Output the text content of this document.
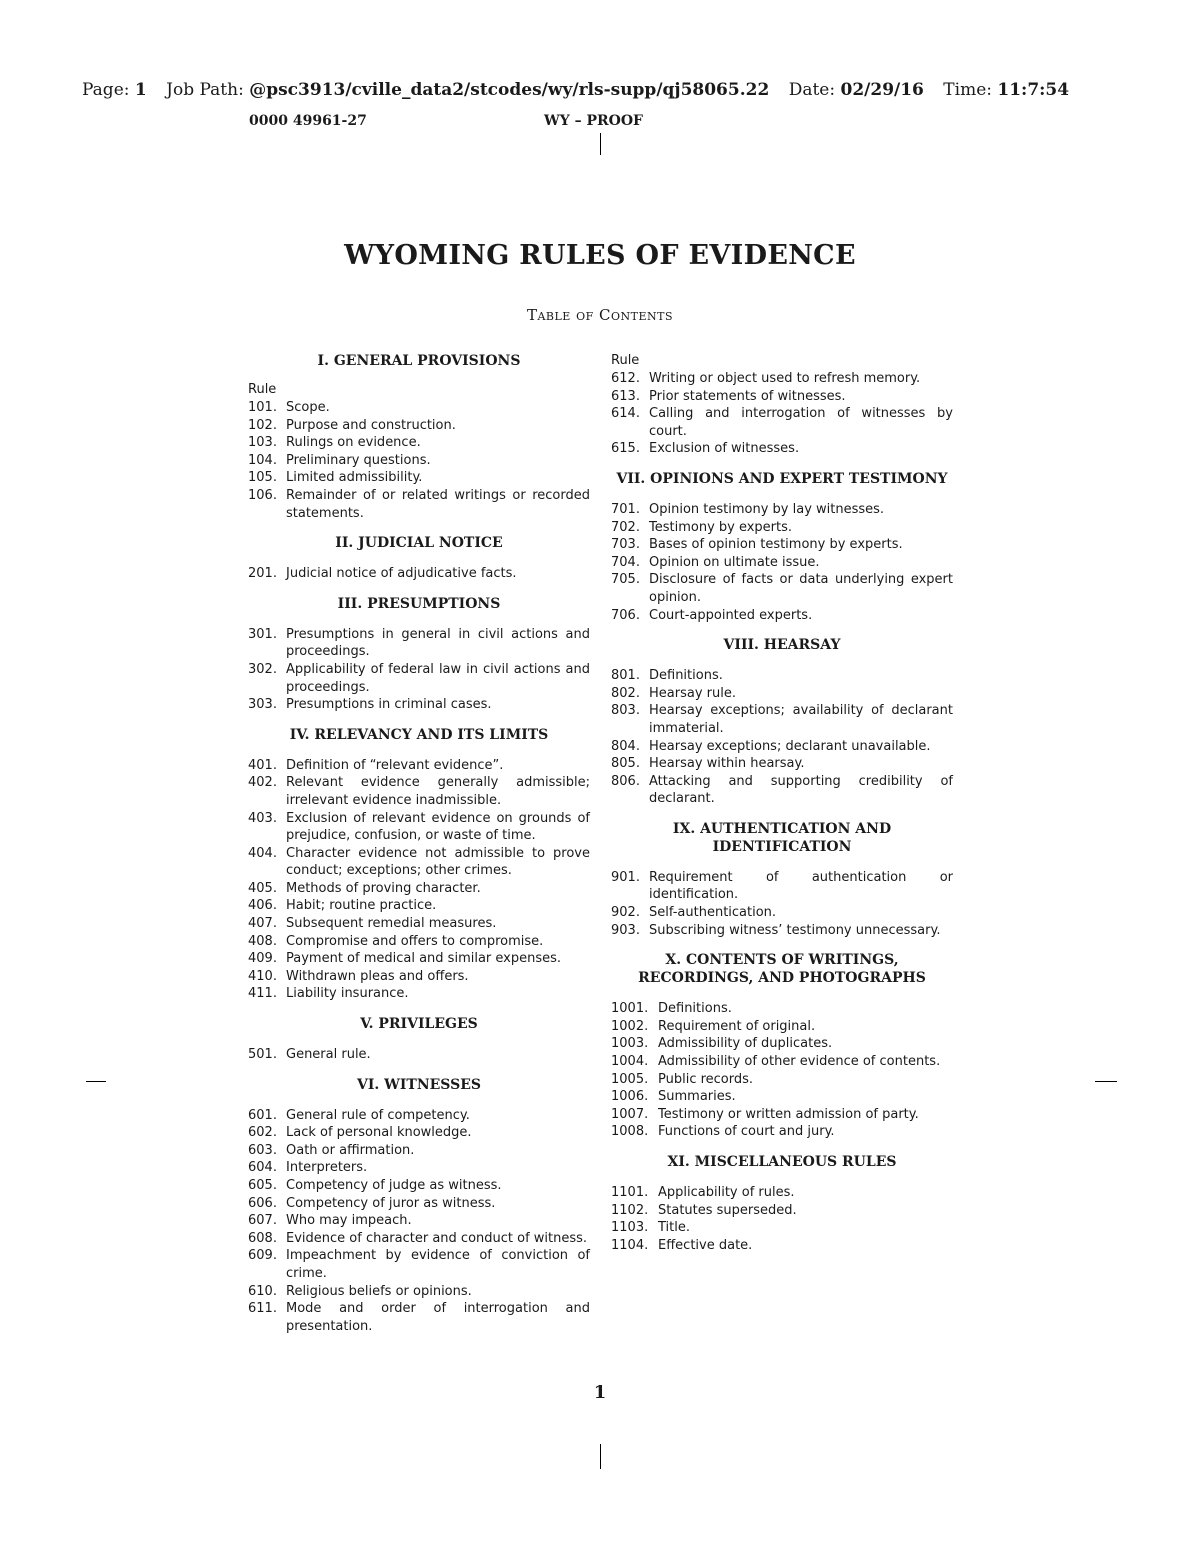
Page: 1 Job Path: @psc3913/cville_data2/stcodes/wy/rls-supp/qj58065.22 Date: 02/29/16 Time: 11:7:54
0000 49961-27	WY – PROOF
WYOMING RULES OF EVIDENCE
Table of Contents
I. GENERAL PROVISIONS
Rule
101. Scope.
102. Purpose and construction.
103. Rulings on evidence.
104. Preliminary questions.
105. Limited admissibility.
106. Remainder of or related writings or recorded statements.
II. JUDICIAL NOTICE
201. Judicial notice of adjudicative facts.
III. PRESUMPTIONS
301. Presumptions in general in civil actions and proceedings.
302. Applicability of federal law in civil actions and proceedings.
303. Presumptions in criminal cases.
IV. RELEVANCY AND ITS LIMITS
401. Definition of “relevant evidence”.
402. Relevant evidence generally admissible; irrelevant evidence inadmissible.
403. Exclusion of relevant evidence on grounds of prejudice, confusion, or waste of time.
404. Character evidence not admissible to prove conduct; exceptions; other crimes.
405. Methods of proving character.
406. Habit; routine practice.
407. Subsequent remedial measures.
408. Compromise and offers to compromise.
409. Payment of medical and similar expenses.
410. Withdrawn pleas and offers.
411. Liability insurance.
V. PRIVILEGES
501. General rule.
VI. WITNESSES
601. General rule of competency.
602. Lack of personal knowledge.
603. Oath or affirmation.
604. Interpreters.
605. Competency of judge as witness.
606. Competency of juror as witness.
607. Who may impeach.
608. Evidence of character and conduct of witness.
609. Impeachment by evidence of conviction of crime.
610. Religious beliefs or opinions.
611. Mode and order of interrogation and presentation.
Rule
612. Writing or object used to refresh memory.
613. Prior statements of witnesses.
614. Calling and interrogation of witnesses by court.
615. Exclusion of witnesses.
VII. OPINIONS AND EXPERT TESTIMONY
701. Opinion testimony by lay witnesses.
702. Testimony by experts.
703. Bases of opinion testimony by experts.
704. Opinion on ultimate issue.
705. Disclosure of facts or data underlying expert opinion.
706. Court-appointed experts.
VIII. HEARSAY
801. Definitions.
802. Hearsay rule.
803. Hearsay exceptions; availability of declarant immaterial.
804. Hearsay exceptions; declarant unavailable.
805. Hearsay within hearsay.
806. Attacking and supporting credibility of declarant.
IX. AUTHENTICATION AND IDENTIFICATION
901. Requirement of authentication or identification.
902. Self-authentication.
903. Subscribing witness’ testimony unnecessary.
X. CONTENTS OF WRITINGS, RECORDINGS, AND PHOTOGRAPHS
1001. Definitions.
1002. Requirement of original.
1003. Admissibility of duplicates.
1004. Admissibility of other evidence of contents.
1005. Public records.
1006. Summaries.
1007. Testimony or written admission of party.
1008. Functions of court and jury.
XI. MISCELLANEOUS RULES
1101. Applicability of rules.
1102. Statutes superseded.
1103. Title.
1104. Effective date.
1
